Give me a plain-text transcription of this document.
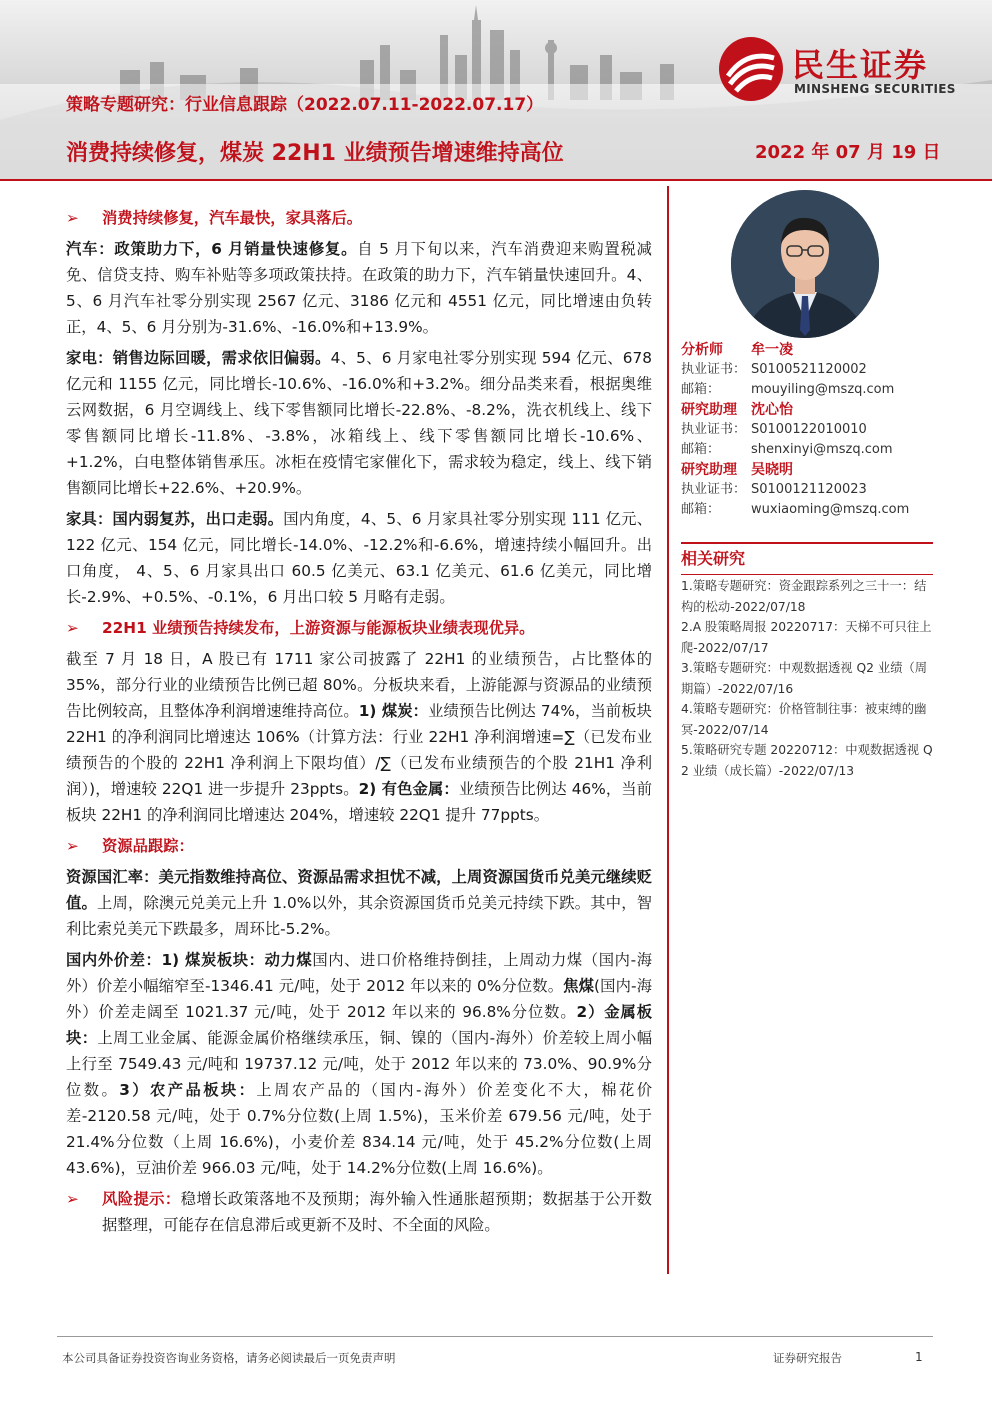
民生证券
MINSHENG SECURITIES
策略专题研究：行业信息跟踪（2022.07.11-2022.07.17）
消费持续修复，煤炭 22H1 业绩预告增速维持高位	2022 年 07 月 19 日
➢	消费持续修复，汽车最快，家具落后。

汽车：政策助力下，6 月销量快速修复。自 5 月下旬以来，汽车消费迎来购置税减免、信贷支持、购车补贴等多项政策扶持。在政策的助力下，汽车销量快速回升。4、5、6 月汽车社零分别实现 2567 亿元、3186 亿元和 4551 亿元，同比增速由负转正，4、5、6 月分别为-31.6%、-16.0%和+13.9%。

家电：销售边际回暖，需求依旧偏弱。4、5、6 月家电社零分别实现 594 亿元、678 亿元和 1155 亿元，同比增长-10.6%、-16.0%和+3.2%。细分品类来看，根据奥维云网数据，6 月空调线上、线下零售额同比增长-22.8%、-8.2%，洗衣机线上、线下零售额同比增长-11.8%、-3.8%，冰箱线上、线下零售额同比增长-10.6%、+1.2%，白电整体销售承压。冰柜在疫情宅家催化下，需求较为稳定，线上、线下销售额同比增长+22.6%、+20.9%。

家具：国内弱复苏，出口走弱。国内角度，4、5、6 月家具社零分别实现 111 亿元、122 亿元、154 亿元，同比增长-14.0%、-12.2%和-6.6%，增速持续小幅回升。出口角度， 4、5、6 月家具出口 60.5 亿美元、63.1 亿美元、61.6 亿美元，同比增长-2.9%、+0.5%、-0.1%，6 月出口较 5 月略有走弱。

➢	22H1 业绩预告持续发布，上游资源与能源板块业绩表现优异。

截至 7 月 18 日，A 股已有 1711 家公司披露了 22H1 的业绩预告，占比整体的 35%，部分行业的业绩预告比例已超 80%。分板块来看，上游能源与资源品的业绩预告比例较高，且整体净利润增速维持高位。1) 煤炭：业绩预告比例达 74%，当前板块 22H1 的净利润同比增速达 106%（计算方法：行业 22H1 净利润增速=∑（已发布业绩预告的个股的 22H1 净利润上下限均值）/∑（已发布业绩预告的个股 21H1 净利润）)，增速较 22Q1 进一步提升 23ppts。2) 有色金属：业绩预告比例达 46%，当前板块 22H1 的净利润同比增速达 204%，增速较 22Q1 提升 77ppts。

➢	资源品跟踪：

资源国汇率：美元指数维持高位、资源品需求担忧不减，上周资源国货币兑美元继续贬值。上周，除澳元兑美元上升 1.0%以外，其余资源国货币兑美元持续下跌。其中，智利比索兑美元下跌最多，周环比-5.2%。

国内外价差：1) 煤炭板块：动力煤国内、进口价格维持倒挂，上周动力煤（国内-海外）价差小幅缩窄至-1346.41 元/吨，处于 2012 年以来的 0%分位数。焦煤(国内-海外）价差走阔至 1021.37 元/吨，处于 2012 年以来的 96.8%分位数。2）金属板块：上周工业金属、能源金属价格继续承压，铜、镍的（国内-海外）价差较上周小幅上行至 7549.43 元/吨和 19737.12 元/吨，处于 2012 年以来的 73.0%、90.9%分位数。3）农产品板块：上周农产品的（国内-海外）价差变化不大，棉花价差-2120.58 元/吨，处于 0.7%分位数(上周 1.5%)，玉米价差 679.56 元/吨，处于 21.4%分位数（上周 16.6%)，小麦价差 834.14 元/吨，处于 45.2%分位数(上周 43.6%)，豆油价差 966.03 元/吨，处于 14.2%分位数(上周 16.6%)。

➢	风险提示：稳增长政策落地不及预期；海外输入性通胀超预期；数据基于公开数据整理，可能存在信息滞后或更新不及时、不全面的风险。
分析师	牟一凌
执业证书： S0100521120002
邮箱：	mouyiling@mszq.com
研究助理	沈心怡
执业证书： S0100122010010
邮箱：	shenxinyi@mszq.com
研究助理	吴晓明
执业证书： S0100121120023
邮箱：	wuxiaoming@mszq.com
相关研究
1.策略专题研究：资金跟踪系列之三十一：结构的松动-2022/07/18
2.A 股策略周报 20220717：天梯不可只往上爬-2022/07/17
3.策略专题研究：中观数据透视 Q2 业绩（周期篇）-2022/07/16
4.策略专题研究：价格管制往事：被束缚的幽冥-2022/07/14
5.策略研究专题 20220712：中观数据透视 Q 2 业绩（成长篇）-2022/07/13
本公司具备证券投资咨询业务资格，请务必阅读最后一页免责声明	证券研究报告	1
